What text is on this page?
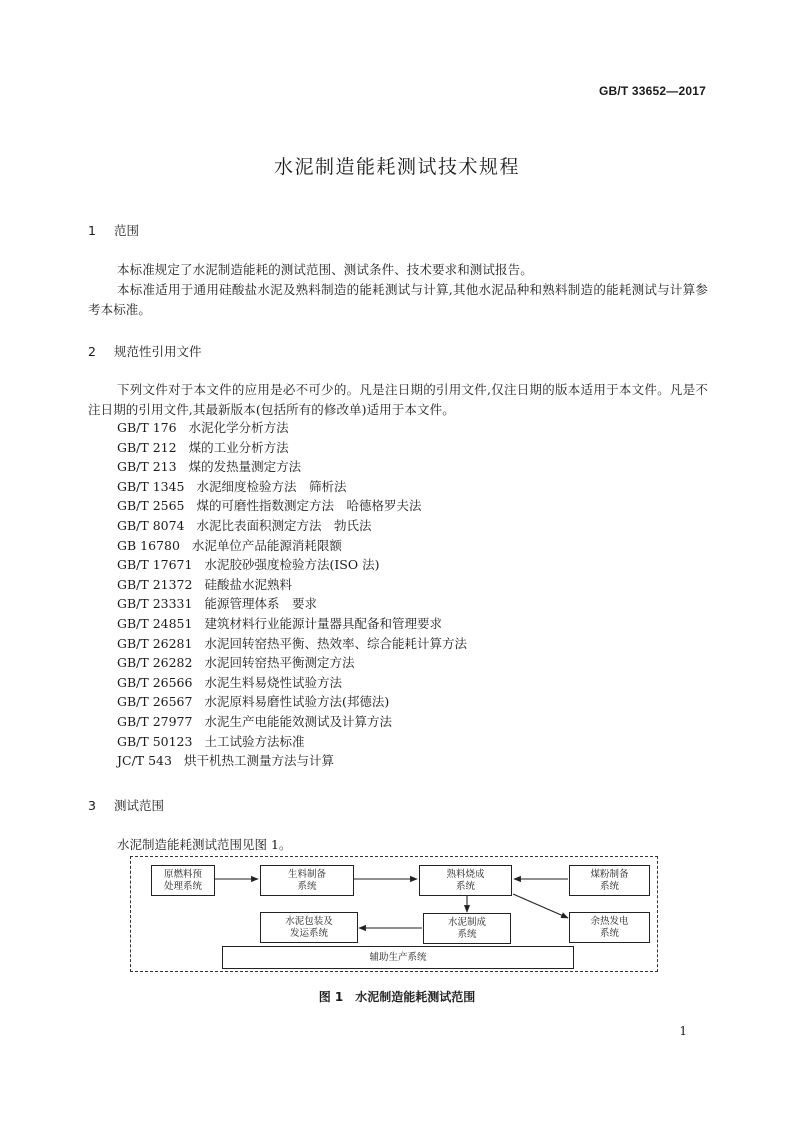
GB/T 33652—2017
水泥制造能耗测试技术规程
1 范围
本标准规定了水泥制造能耗的测试范围、测试条件、技术要求和测试报告。
本标准适用于通用硅酸盐水泥及熟料制造的能耗测试与计算,其他水泥品种和熟料制造的能耗测试与计算参考本标准。
2 规范性引用文件
下列文件对于本文件的应用是必不可少的。凡是注日期的引用文件,仅注日期的版本适用于本文件。凡是不注日期的引用文件,其最新版本(包括所有的修改单)适用于本文件。
GB/T 176 水泥化学分析方法
GB/T 212 煤的工业分析方法
GB/T 213 煤的发热量测定方法
GB/T 1345 水泥细度检验方法　筛析法
GB/T 2565 煤的可磨性指数测定方法　哈德格罗夫法
GB/T 8074 水泥比表面积测定方法　勃氏法
GB 16780 水泥单位产品能源消耗限额
GB/T 17671 水泥胶砂强度检验方法(ISO 法)
GB/T 21372 硅酸盐水泥熟料
GB/T 23331 能源管理体系　要求
GB/T 24851 建筑材料行业能源计量器具配备和管理要求
GB/T 26281 水泥回转窑热平衡、热效率、综合能耗计算方法
GB/T 26282 水泥回转窑热平衡测定方法
GB/T 26566 水泥生料易烧性试验方法
GB/T 26567 水泥原料易磨性试验方法(邦德法)
GB/T 27977 水泥生产电能能效测试及计算方法
GB/T 50123 土工试验方法标准
JC/T 543 烘干机热工测量方法与计算
3 测试范围
水泥制造能耗测试范围见图 1。
原燃料预
处理系统
生料制备
系统
熟料烧成
系统
煤粉制备
系统
水泥包装及
发运系统
水泥制成
系统
余热发电
系统
辅助生产系统
图 1　水泥制造能耗测试范围
1
